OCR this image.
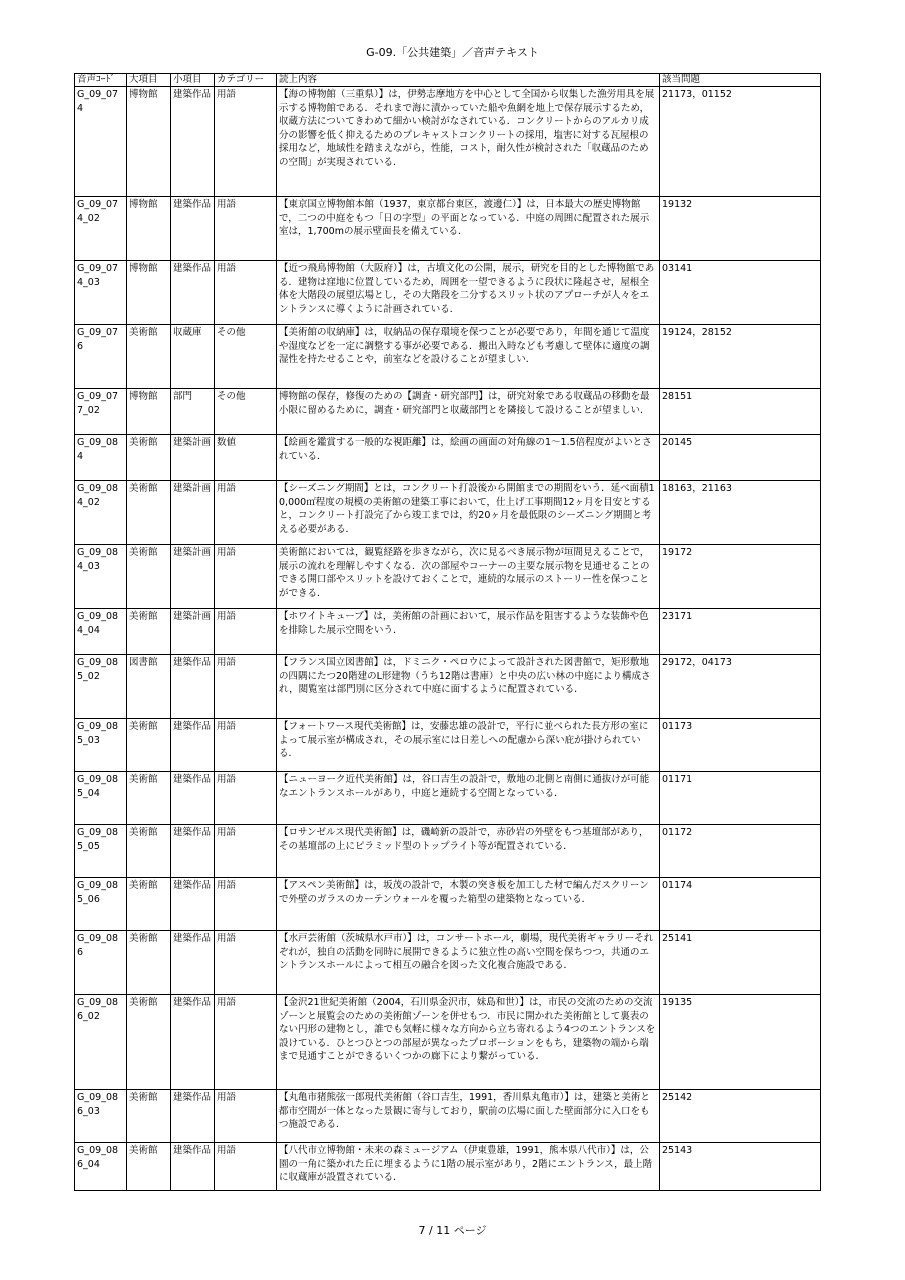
G-09.「公共建築」／音声テキスト
音声ｺｰﾄﾞ	大項目	小項目	カテゴリー	読上内容	該当問題
G_09_074	博物館	建築作品	用語	【海の博物館（三重県）】は，伊勢志摩地方を中心として全国から収集した漁労用具を展示する博物館である．それまで海に漬かっていた船や魚網を地上で保存展示するため，収蔵方法についてきわめて細かい検討がなされている．コンクリートからのアルカリ成分の影響を低く抑えるためのプレキャストコンクリートの採用，塩害に対する瓦屋根の採用など，地域性を踏まえながら，性能，コスト，耐久性が検討された「収蔵品のための空間」が実現されている．	21173，01152
G_09_074_02	博物館	建築作品	用語	【東京国立博物館本館（1937，東京都台東区，渡邊仁）】は，日本最大の歴史博物館で，二つの中庭をもつ「日の字型」の平面となっている．中庭の周囲に配置された展示室は，1,700mの展示壁面長を備えている．	19132
G_09_074_03	博物館	建築作品	用語	【近つ飛鳥博物館（大阪府）】は，古墳文化の公開，展示，研究を目的とした博物館である．建物は窪地に位置しているため，周囲を一望できるように段状に隆起させ，屋根全体を大階段の展望広場とし，その大階段を二分するスリット状のアプローチが人々をエントランスに導くように計画されている．	03141
G_09_076	美術館	収蔵庫	その他	【美術館の収納庫】は，収納品の保存環境を保つことが必要であり，年間を通じて温度や湿度などを一定に調整する事が必要である．搬出入時なども考慮して壁体に適度の調湿性を持たせることや，前室などを設けることが望ましい．	19124，28152
G_09_077_02	博物館	部門	その他	博物館の保存，修復のための【調査・研究部門】は，研究対象である収蔵品の移動を最小限に留めるために，調査・研究部門と収蔵部門とを隣接して設けることが望ましい．	28151
G_09_084	美術館	建築計画	数値	【絵画を鑑賞する一般的な視距離】は，絵画の画面の対角線の1～1.5倍程度がよいとされている．	20145
G_09_084_02	美術館	建築計画	用語	【シーズニング期間】とは，コンクリート打設後から開館までの期間をいう．延べ面積10,000㎡程度の規模の美術館の建築工事において，仕上げ工事期間12ヶ月を目安とすると，コンクリート打設完了から竣工までは，約20ヶ月を最低限のシーズニング期間と考える必要がある．	18163，21163
G_09_084_03	美術館	建築計画	用語	美術館においては，観覧経路を歩きながら，次に見るべき展示物が垣間見えることで，展示の流れを理解しやすくなる．次の部屋やコーナーの主要な展示物を見通せることのできる開口部やスリットを設けておくことで，連続的な展示のストーリー性を保つことができる．	19172
G_09_084_04	美術館	建築計画	用語	【ホワイトキューブ】は，美術館の計画において，展示作品を阻害するような装飾や色を排除した展示空間をいう．	23171
G_09_085_02	図書館	建築作品	用語	【フランス国立図書館】は，ドミニク・ペロウによって設計された図書館で，矩形敷地の四隅にたつ20階建のL形建物（うち12階は書庫）と中央の広い林の中庭により構成され，閲覧室は部門別に区分されて中庭に面するように配置されている．	29172，04173
G_09_085_03	美術館	建築作品	用語	【フォートワース現代美術館】は，安藤忠雄の設計で，平行に並べられた長方形の室によって展示室が構成され，その展示室には日差しへの配慮から深い庇が掛けられている．	01173
G_09_085_04	美術館	建築作品	用語	【ニューヨーク近代美術館】は，谷口吉生の設計で，敷地の北側と南側に通抜けが可能なエントランスホールがあり，中庭と連続する空間となっている．	01171
G_09_085_05	美術館	建築作品	用語	【ロサンゼルス現代美術館】は，磯崎新の設計で，赤砂岩の外壁をもつ基壇部があり，その基壇部の上にピラミッド型のトップライト等が配置されている．	01172
G_09_085_06	美術館	建築作品	用語	【アスペン美術館】は，坂茂の設計で，木製の突き板を加工した材で編んだスクリーンで外壁のガラスのカーテンウォールを覆った箱型の建築物となっている．	01174
G_09_086	美術館	建築作品	用語	【水戸芸術館（茨城県水戸市）】は，コンサートホール，劇場，現代美術ギャラリーそれぞれが，独自の活動を同時に展開できるように独立性の高い空間を保ちつつ，共通のエントランスホールによって相互の融合を図った文化複合施設である．	25141
G_09_086_02	美術館	建築作品	用語	【金沢21世紀美術館（2004，石川県金沢市，妹島和世）】は，市民の交流のための交流ゾーンと展覧会のための美術館ゾーンを併せもつ．市民に開かれた美術館として裏表のない円形の建物とし，誰でも気軽に様々な方向から立ち寄れるよう4つのエントランスを設けている．ひとつひとつの部屋が異なったプロポーションをもち，建築物の端から端まで見通すことができるいくつかの廊下により繋がっている．	19135
G_09_086_03	美術館	建築作品	用語	【丸亀市猪熊弦一郎現代美術館（谷口吉生，1991，香川県丸亀市）】は，建築と美術と都市空間が一体となった景観に寄与しており，駅前の広場に面した壁面部分に入口をもつ施設である．	25142
G_09_086_04	美術館	建築作品	用語	【八代市立博物館・未来の森ミュージアム（伊東豊雄，1991，熊本県八代市）】は，公園の一角に築かれた丘に埋まるように1階の展示室があり，2階にエントランス，最上階に収蔵庫が設置されている．	25143
7 / 11 ページ
